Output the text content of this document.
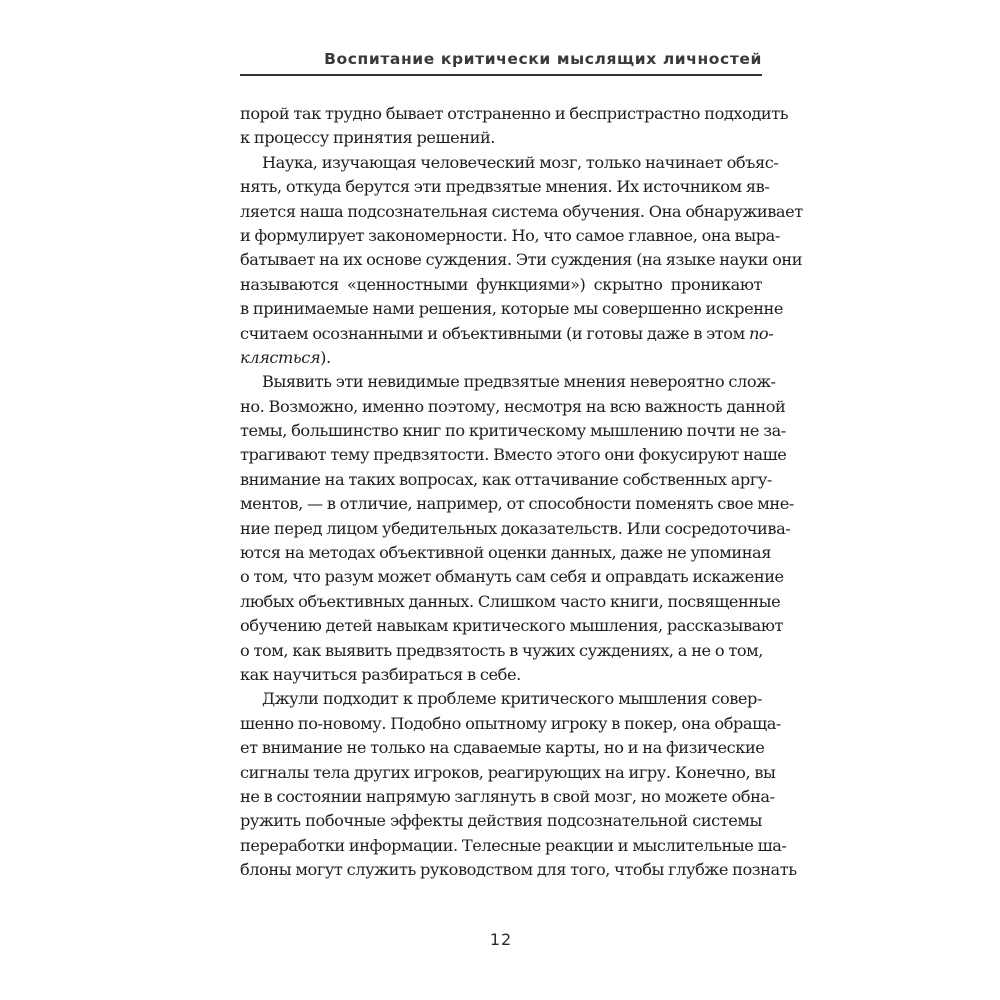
Воспитание критически мыслящих личностей
порой так трудно бывает отстраненно и беспристрастно подходить
к процессу принятия решений.
Наука, изучающая человеческий мозг, только начинает объяс-
нять, откуда берутся эти предвзятые мнения. Их источником яв-
ляется наша подсознательная система обучения. Она обнаруживает
и формулирует закономерности. Но, что самое главное, она выра-
батывает на их основе суждения. Эти суждения (на языке науки они
называются «ценностными функциями») скрытно проникают
в принимаемые нами решения, которые мы совершенно искренне
считаем осознанными и объективными (и готовы даже в этом по-
клясться).
Выявить эти невидимые предвзятые мнения невероятно слож-
но. Возможно, именно поэтому, несмотря на всю важность данной
темы, большинство книг по критическому мышлению почти не за-
трагивают тему предвзятости. Вместо этого они фокусируют наше
внимание на таких вопросах, как оттачивание собственных аргу-
ментов, — в отличие, например, от способности поменять свое мне-
ние перед лицом убедительных доказательств. Или сосредоточива-
ются на методах объективной оценки данных, даже не упоминая
о том, что разум может обмануть сам себя и оправдать искажение
любых объективных данных. Слишком часто книги, посвященные
обучению детей навыкам критического мышления, рассказывают
о том, как выявить предвзятость в чужих суждениях, а не о том,
как научиться разбираться в себе.
Джули подходит к проблеме критического мышления совер-
шенно по-новому. Подобно опытному игроку в покер, она обраща-
ет внимание не только на сдаваемые карты, но и на физические
сигналы тела других игроков, реагирующих на игру. Конечно, вы
не в состоянии напрямую заглянуть в свой мозг, но можете обна-
ружить побочные эффекты действия подсознательной системы
переработки информации. Телесные реакции и мыслительные ша-
блоны могут служить руководством для того, чтобы глубже познать
12
